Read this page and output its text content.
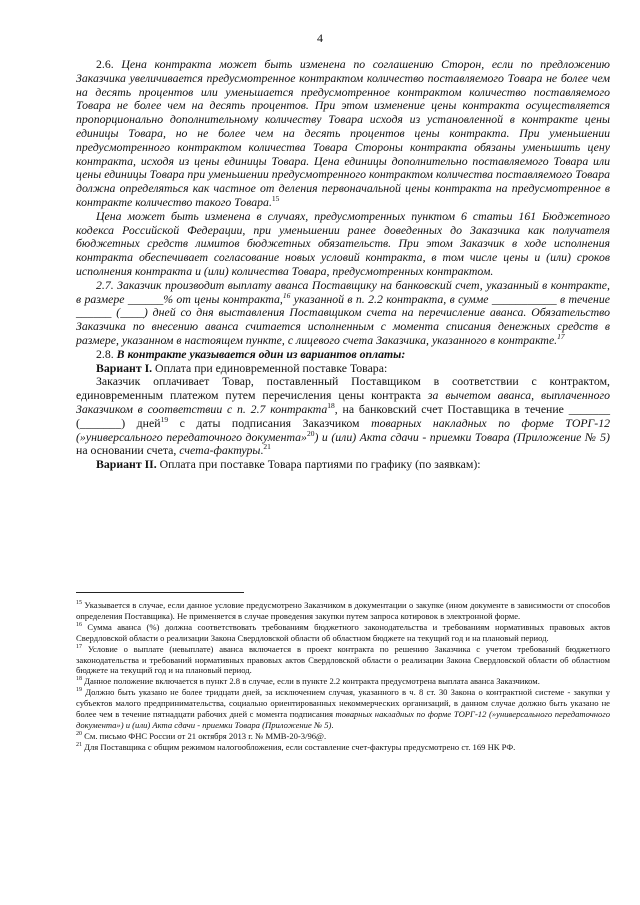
4

2.6. Цена контракта может быть изменена по соглашению Сторон, если по предложению Заказчика увеличивается предусмотренное контрактом количество поставляемого Товара не более чем на десять процентов или уменьшается предусмотренное контрактом количество поставляемого Товара не более чем на десять процентов. При этом изменение цены контракта осуществляется пропорционально дополнительному количеству Товара исходя из установленной в контракте цены единицы Товара, но не более чем на десять процентов цены контракта. При уменьшении предусмотренного контрактом количества Товара Стороны контракта обязаны уменьшить цену контракта, исходя из цены единицы Товара. Цена единицы дополнительно поставляемого Товара или цены единицы Товара при уменьшении предусмотренного контрактом количества поставляемого Товара должна определяться как частное от деления первоначальной цены контракта на предусмотренное в контракте количество такого Товара.$^{15}$

Цена может быть изменена в случаях, предусмотренных пунктом 6 статьи 161 Бюджетного кодекса Российской Федерации, при уменьшении ранее доведенных до Заказчика как получателя бюджетных средств лимитов бюджетных обязательств. При этом Заказчик в ходе исполнения контракта обеспечивает согласование новых условий контракта, в том числе цены и (или) сроков исполнения контракта и (или) количества Товара, предусмотренных контрактом.

2.7. Заказчик производит выплату аванса Поставщику на банковский счет, указанный в контракте, в размере ______% от цены контракта,$^{16}$ указанной в п. 2.2 контракта, в сумме ___________ в течение ______ (____) дней со дня выставления Поставщиком счета на перечисление аванса. Обязательство Заказчика по внесению аванса считается исполненным с момента списания денежных средств в размере, указанном в настоящем пункте, с лицевого счета Заказчика, указанного в контракте.$^{17}$

2.8. В контракте указывается один из вариантов оплаты:

Вариант I. Оплата при единовременной поставке Товара:

Заказчик оплачивает Товар, поставленный Поставщиком в соответствии с контрактом, единовременным платежом путем перечисления цены контракта за вычетом аванса, выплаченного Заказчиком в соответствии с п. 2.7 контракта$^{18}$, на банковский счет Поставщика в течение _______ (_______) дней$^{19}$ с даты подписания Заказчиком товарных накладных по форме ТОРГ-12 (»универсального передаточного документа»$^{20}$) и (или) Акта сдачи - приемки Товара (Приложение № 5) на основании счета, счета-фактуры.$^{21}$

Вариант II. Оплата при поставке Товара партиями по графику (по заявкам):

$^{15}$ Указывается в случае, если данное условие предусмотрено Заказчиком в документации о закупке (ином документе в зависимости от способов определения Поставщика). Не применяется в случае проведения закупки путем запроса котировок в электронной форме.

$^{16}$ Сумма аванса (%) должна соответствовать требованиям бюджетного законодательства и требованиям нормативных правовых актов Свердловской области о реализации Закона Свердловской области об областном бюджете на текущий год и на плановый период.

$^{17}$ Условие о выплате (невыплате) аванса включается в проект контракта по решению Заказчика с учетом требований бюджетного законодательства и требований нормативных правовых актов Свердловской области о реализации Закона Свердловской области об областном бюджете на текущий год и на плановый период.

$^{18}$ Данное положение включается в пункт 2.8 в случае, если в пункте 2.2 контракта предусмотрена выплата аванса Заказчиком.

$^{19}$ Должно быть указано не более тридцати дней, за исключением случая, указанного в ч. 8 ст. 30 Закона о контрактной системе - закупки у субъектов малого предпринимательства, социально ориентированных некоммерческих организаций, в данном случае должно быть указано не более чем в течение пятнадцати рабочих дней с момента подписания товарных накладных по форме ТОРГ-12 (»универсального передаточного документа») и (или) Акта сдачи - приемки Товара (Приложение № 5).

$^{20}$ См. письмо ФНС России от 21 октября 2013 г. № ММВ-20-3/96@.

$^{21}$ Для Поставщика с общим режимом налогообложения, если составление счет-фактуры предусмотрено ст. 169 НК РФ.
